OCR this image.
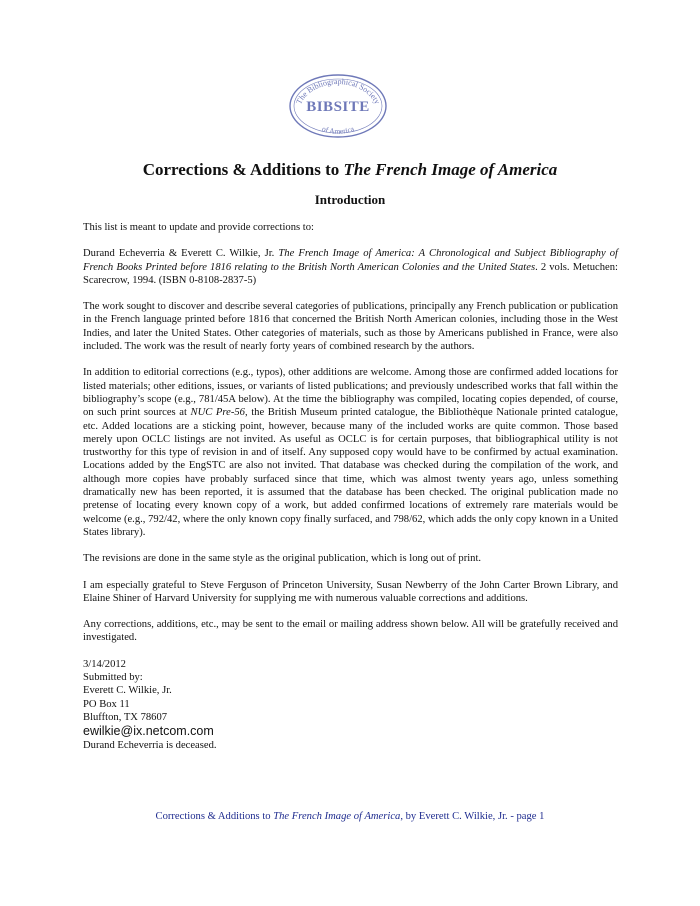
The Bibliographical Society
BIBSITE
of America
Corrections & Additions to The French Image of America
Introduction

This list is meant to update and provide corrections to:

Durand Echeverria & Everett C. Wilkie, Jr. The French Image of America: A Chronological and Subject Bibliography of French Books Printed before 1816 relating to the British North American Colonies and the United States. 2 vols. Metuchen: Scarecrow, 1994. (ISBN 0-8108-2837-5)

The work sought to discover and describe several categories of publications, principally any French publication or publication in the French language printed before 1816 that concerned the British North American colonies, including those in the West Indies, and later the United States. Other categories of materials, such as those by Americans published in France, were also included. The work was the result of nearly forty years of combined research by the authors.

In addition to editorial corrections (e.g., typos), other additions are welcome. Among those are confirmed added locations for listed materials; other editions, issues, or variants of listed publications; and previously undescribed works that fall within the bibliography’s scope (e.g., 781/45A below). At the time the bibliography was compiled, locating copies depended, of course, on such print sources at NUC Pre-56, the British Museum printed catalogue, the Bibliothèque Nationale printed catalogue, etc. Added locations are a sticking point, however, because many of the included works are quite common. Those based merely upon OCLC listings are not invited. As useful as OCLC is for certain purposes, that bibliographical utility is not trustworthy for this type of revision in and of itself. Any supposed copy would have to be confirmed by actual examination. Locations added by the EngSTC are also not invited. That database was checked during the compilation of the work, and although more copies have probably surfaced since that time, which was almost twenty years ago, unless something dramatically new has been reported, it is assumed that the database has been checked. The original publication made no pretense of locating every known copy of a work, but added confirmed locations of extremely rare materials would be welcome (e.g., 792/42, where the only known copy finally surfaced, and 798/62, which adds the only copy known in a United States library).

The revisions are done in the same style as the original publication, which is long out of print.

I am especially grateful to Steve Ferguson of Princeton University, Susan Newberry of the John Carter Brown Library, and Elaine Shiner of Harvard University for supplying me with numerous valuable corrections and additions.

Any corrections, additions, etc., may be sent to the email or mailing address shown below. All will be gratefully received and investigated.

3/14/2012
Submitted by:
Everett C. Wilkie, Jr.
PO Box 11
Bluffton, TX 78607
ewilkie@ix.netcom.com
Durand Echeverria is deceased.
Corrections & Additions to The French Image of America, by Everett C. Wilkie, Jr. - page 1
